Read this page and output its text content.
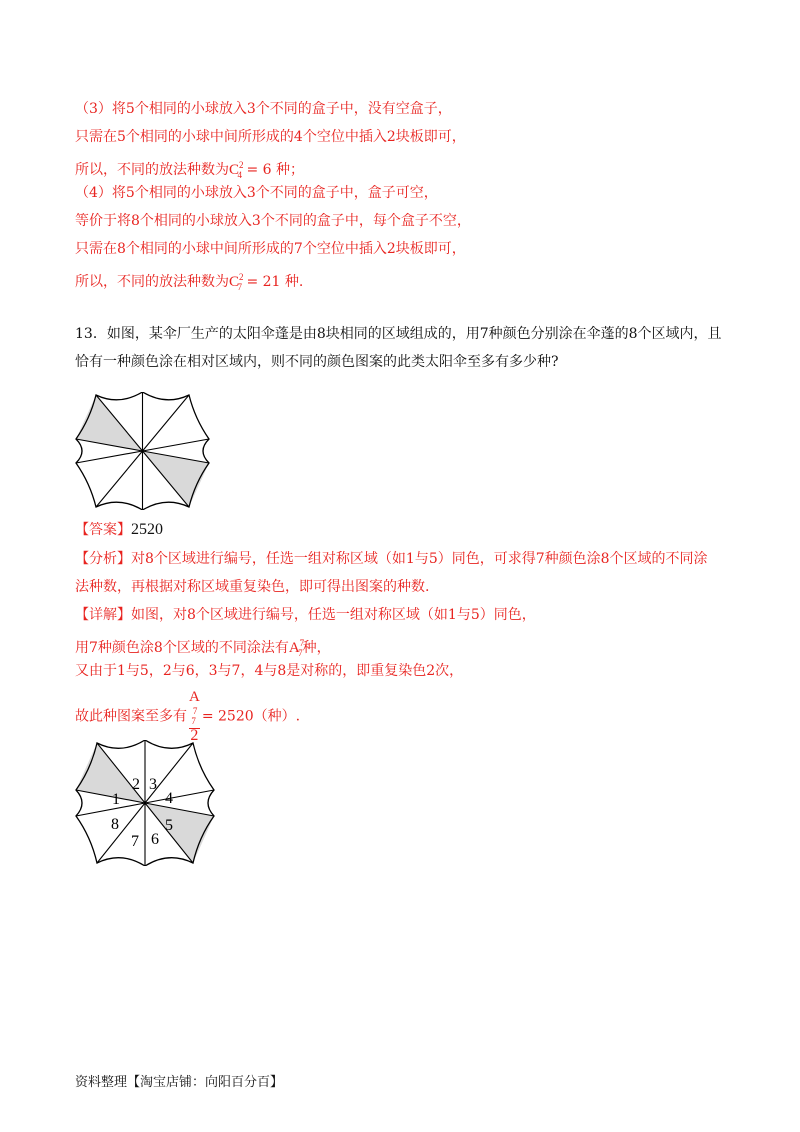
（3）将5个相同的小球放入3个不同的盒子中，没有空盒子，
只需在5个相同的小球中间所形成的4个空位中插入2块板即可，
所以，不同的放法种数为$C^2_4 = 6$ 种；
（4）将5个相同的小球放入3个不同的盒子中，盒子可空，
等价于将8个相同的小球放入3个不同的盒子中，每个盒子不空，
只需在8个相同的小球中间所形成的7个空位中插入2块板即可，
所以，不同的放法种数为$C^2_7 = 21$ 种.
13．如图，某伞厂生产的太阳伞蓬是由8块相同的区域组成的，用7种颜色分别涂在伞蓬的8个区域内，且
恰有一种颜色涂在相对区域内，则不同的颜色图案的此类太阳伞至多有多少种?
【答案】2520
【分析】对8个区域进行编号，任选一组对称区域（如1与5）同色，可求得7种颜色涂8个区域的不同涂
法种数，再根据对称区域重复染色，即可得出图案的种数.
【详解】如图，对8个区域进行编号，任选一组对称区域（如1与5）同色，
用7种颜色涂8个区域的不同涂法有$A^7_7$种，
又由于1与5，2与6，3与7，4与8是对称的，即重复染色2次，
故此种图案至多有 A
$^7_7$
2 = 2520（种）.
1
2 3
4
5
6
7
8
资料整理【淘宝店铺：向阳百分百】
